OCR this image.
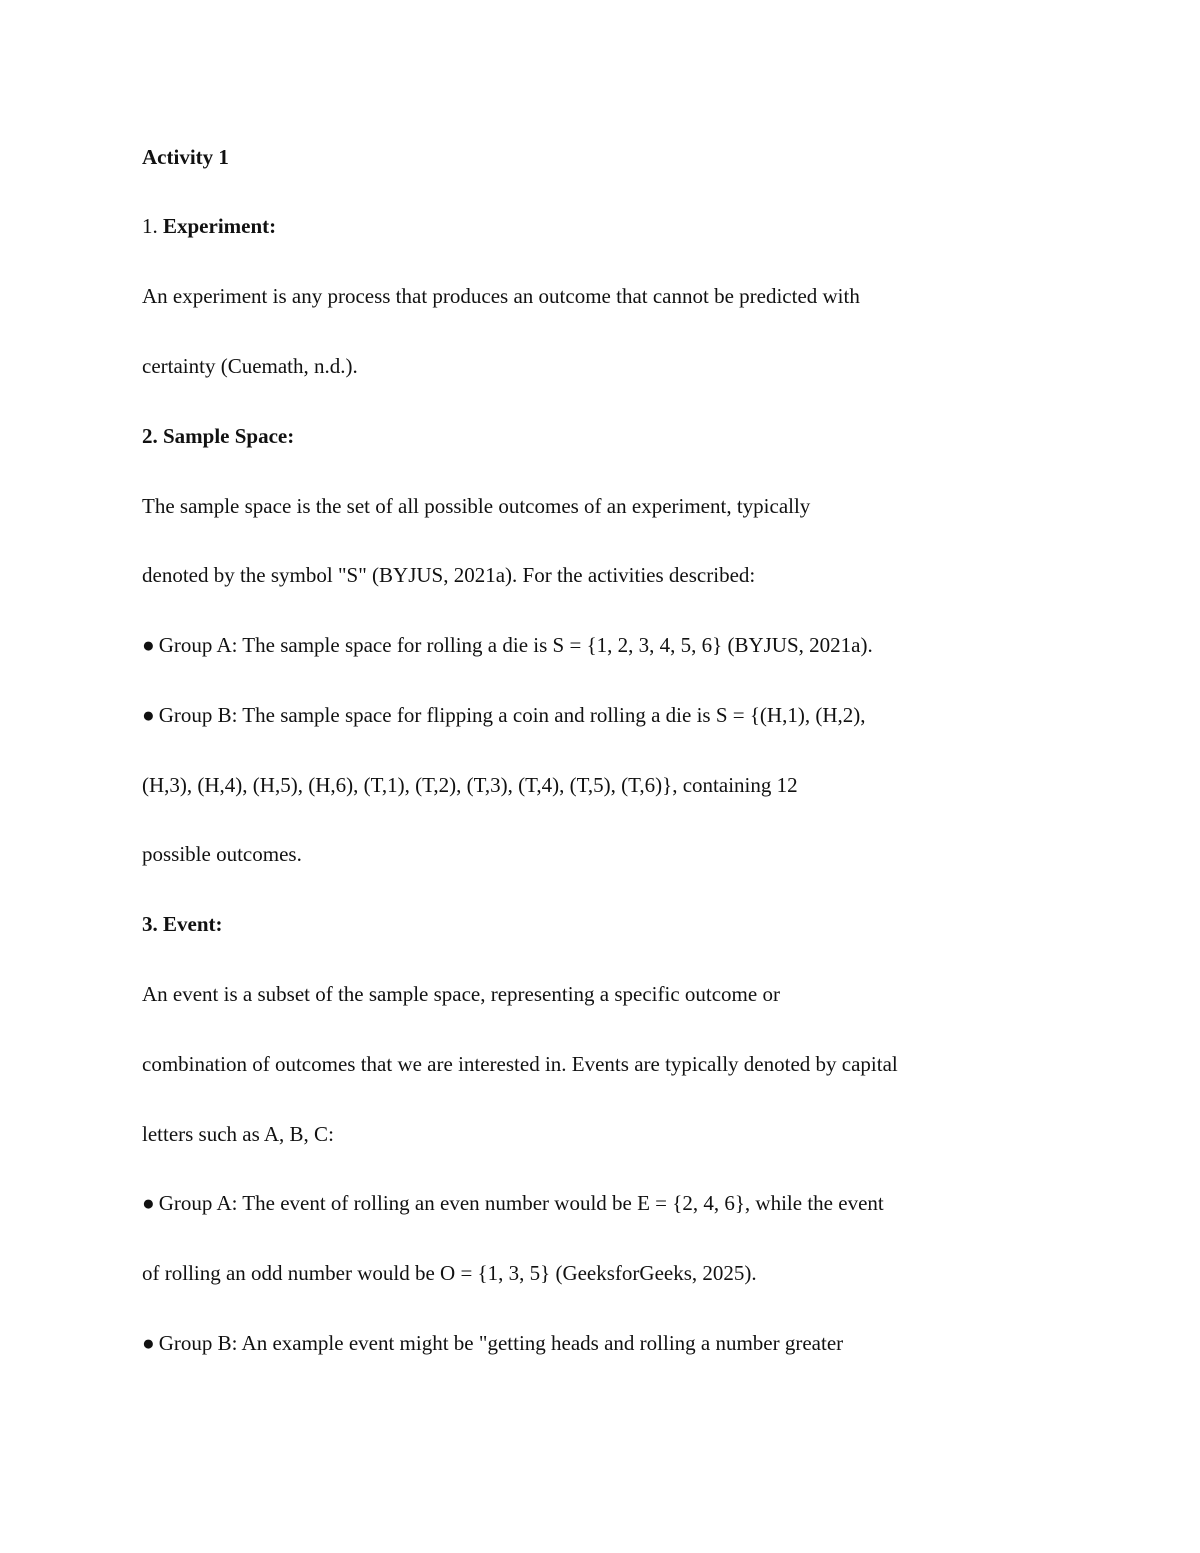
Activity 1
1. Experiment:
An experiment is any process that produces an outcome that cannot be predicted with
certainty (Cuemath, n.d.).
2. Sample Space:
The sample space is the set of all possible outcomes of an experiment, typically
denoted by the symbol "S" (BYJUS, 2021a). For the activities described:
● Group A: The sample space for rolling a die is S = {1, 2, 3, 4, 5, 6} (BYJUS, 2021a).
● Group B: The sample space for flipping a coin and rolling a die is S = {(H,1), (H,2),
(H,3), (H,4), (H,5), (H,6), (T,1), (T,2), (T,3), (T,4), (T,5), (T,6)}, containing 12
possible outcomes.
3. Event:
An event is a subset of the sample space, representing a specific outcome or
combination of outcomes that we are interested in. Events are typically denoted by capital
letters such as A, B, C:
● Group A: The event of rolling an even number would be E = {2, 4, 6}, while the event
of rolling an odd number would be O = {1, 3, 5} (GeeksforGeeks, 2025).
● Group B: An example event might be "getting heads and rolling a number greater
